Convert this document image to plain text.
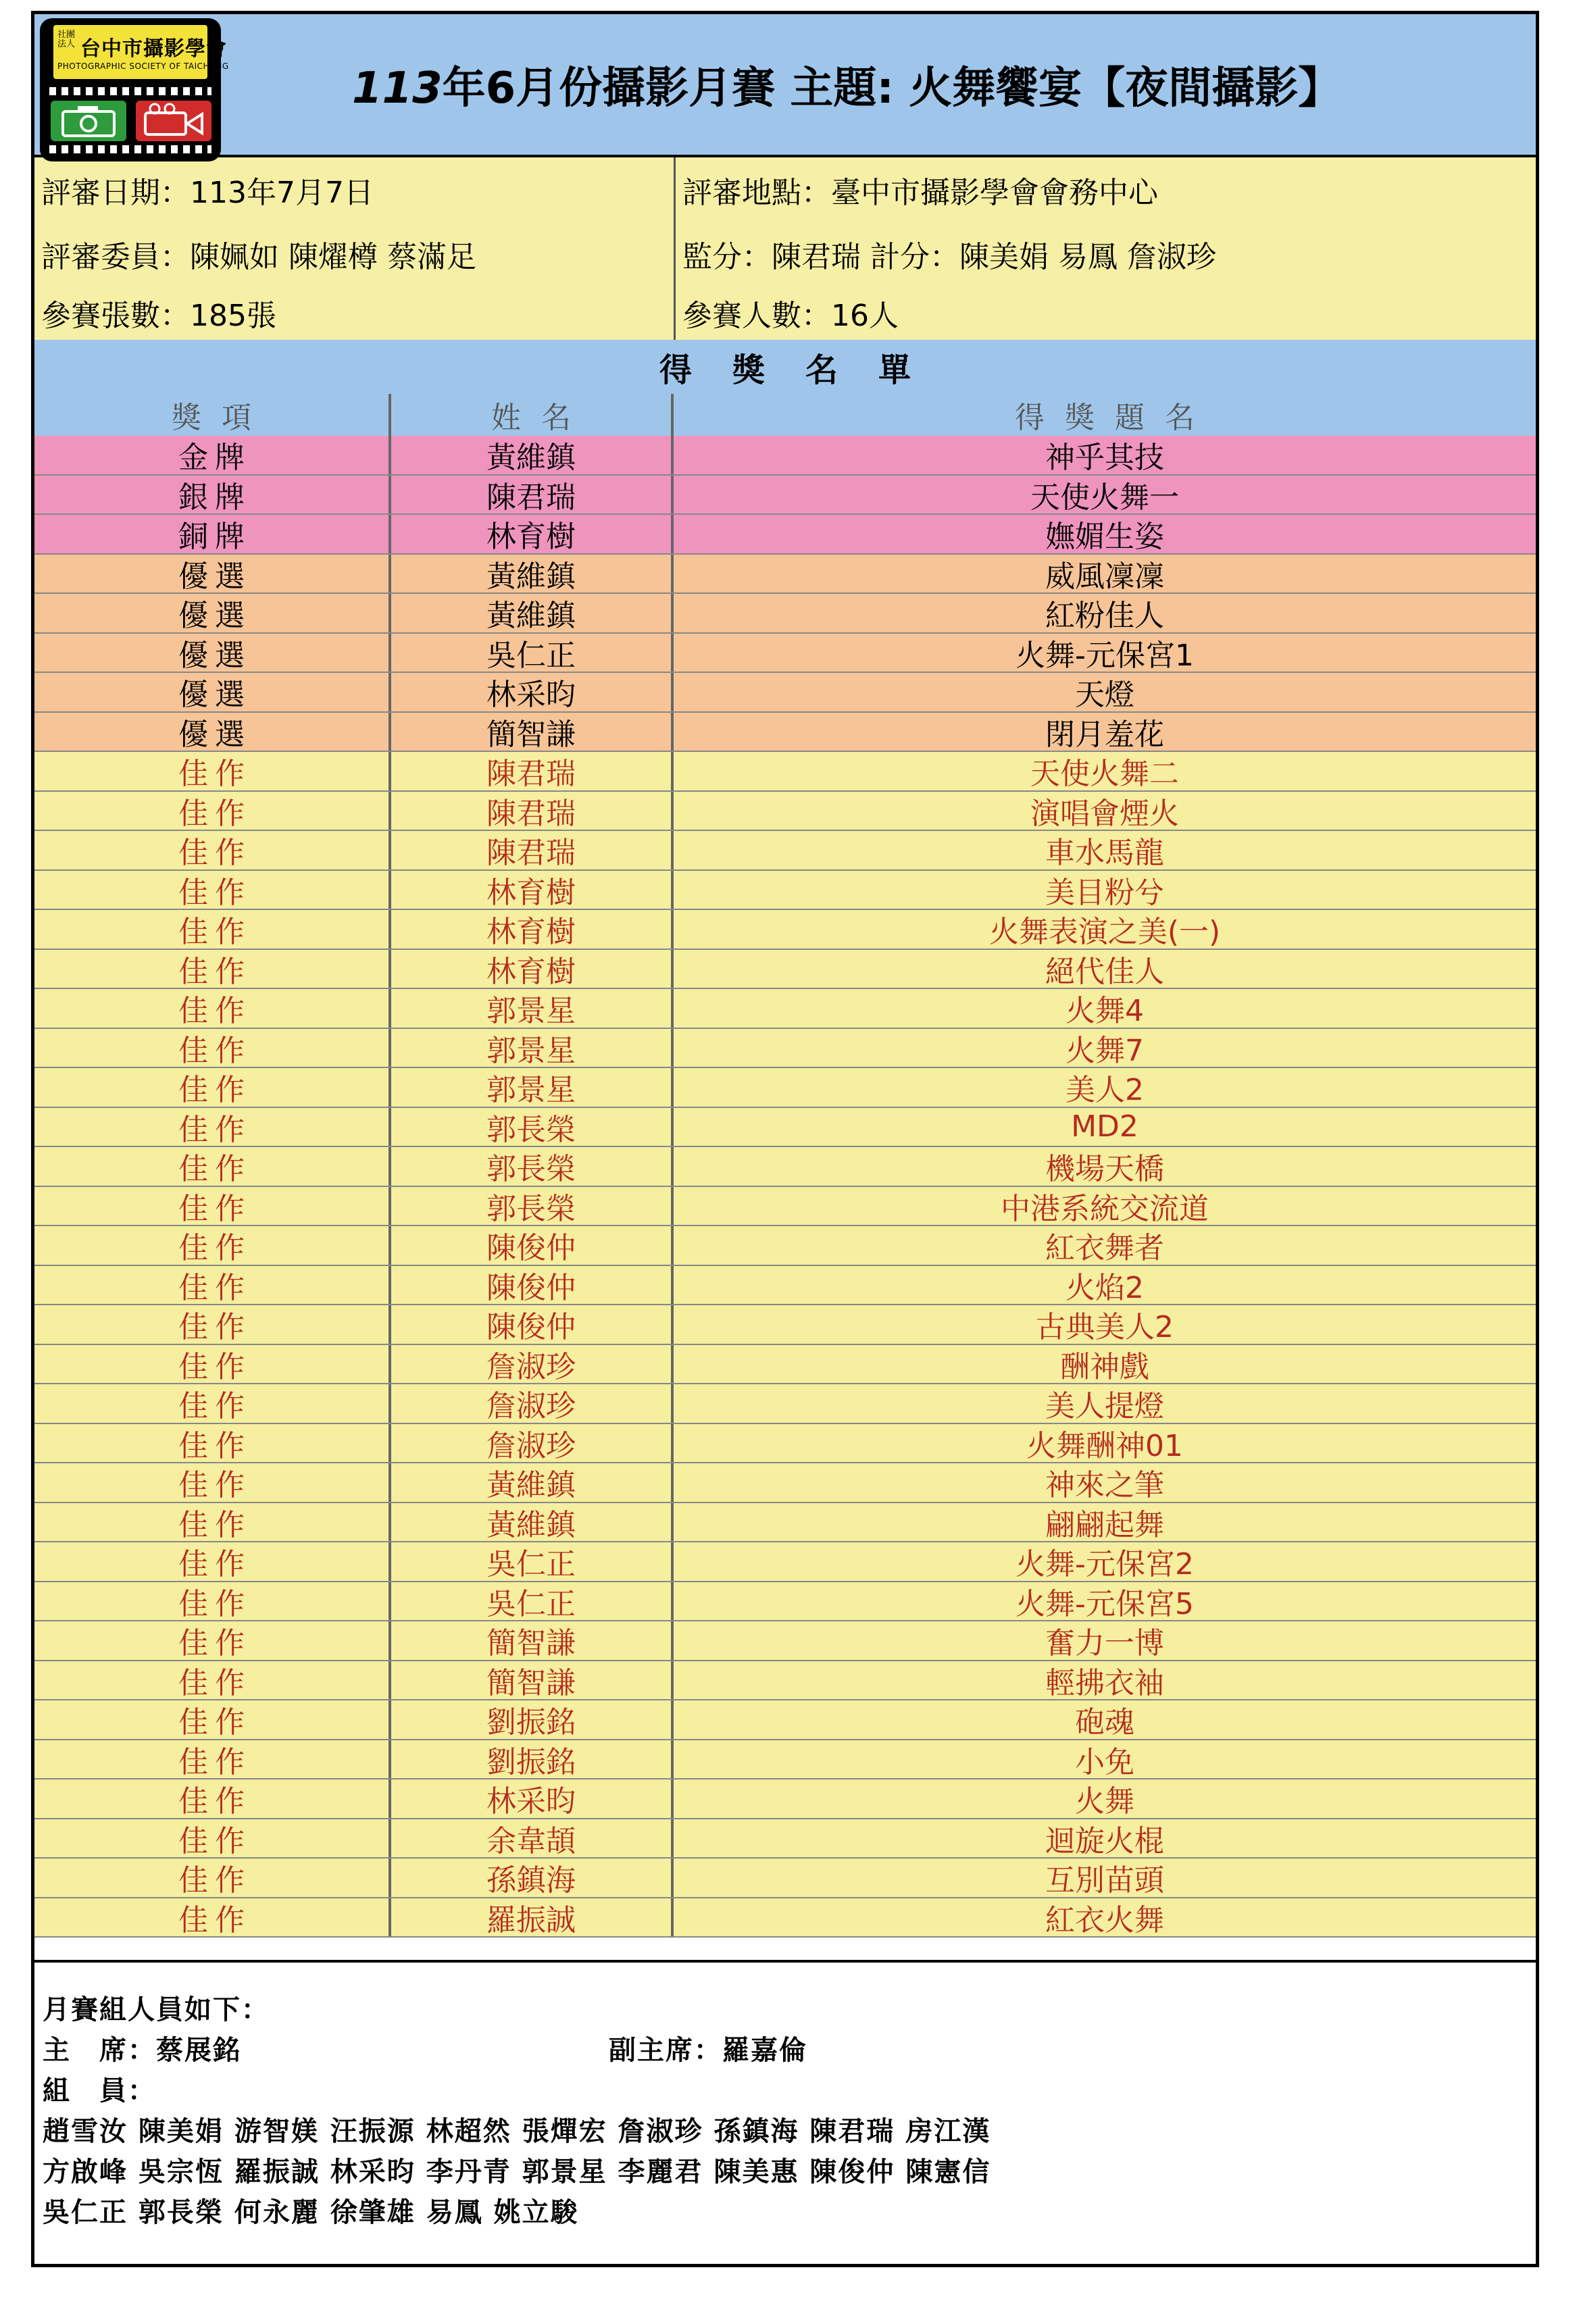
113年6月份攝影月賽 主題: 火舞饗宴【夜間攝影】
社團法人 台中市攝影學會
PHOTOGRAPHIC SOCIETY OF TAICHUNG
評審日期：113年7月7日	評審地點：臺中市攝影學會會務中心
評審委員：陳姵如 陳燿樽 蔡滿足	監分：陳君瑞 計分：陳美娟 易鳳 詹淑珍
參賽張數：185張	參賽人數：16人
得獎名單
獎項	姓名	得獎題名
金牌	黃維鎮	神乎其技
銀牌	陳君瑞	天使火舞一
銅牌	林育樹	嫵媚生姿
優選	黃維鎮	威風凜凜
優選	黃維鎮	紅粉佳人
優選	吳仁正	火舞-元保宮1
優選	林采昀	天燈
優選	簡智謙	閉月羞花
佳作	陳君瑞	天使火舞二
佳作	陳君瑞	演唱會煙火
佳作	陳君瑞	車水馬龍
佳作	林育樹	美目粉兮
佳作	林育樹	火舞表演之美(一)
佳作	林育樹	絕代佳人
佳作	郭景星	火舞4
佳作	郭景星	火舞7
佳作	郭景星	美人2
佳作	郭長榮	MD2
佳作	郭長榮	機場天橋
佳作	郭長榮	中港系統交流道
佳作	陳俊仲	紅衣舞者
佳作	陳俊仲	火焰2
佳作	陳俊仲	古典美人2
佳作	詹淑珍	酬神戲
佳作	詹淑珍	美人提燈
佳作	詹淑珍	火舞酬神01
佳作	黃維鎮	神來之筆
佳作	黃維鎮	翩翩起舞
佳作	吳仁正	火舞-元保宮2
佳作	吳仁正	火舞-元保宮5
佳作	簡智謙	奮力一博
佳作	簡智謙	輕拂衣袖
佳作	劉振銘	砲魂
佳作	劉振銘	小免
佳作	林采昀	火舞
佳作	余韋頡	迴旋火棍
佳作	孫鎮海	互別苗頭
佳作	羅振誠	紅衣火舞
月賽組人員如下：
主　席：蔡展銘	副主席：羅嘉倫
組　員：
趙雪汝 陳美娟 游智媄 汪振源 林超然 張燀宏 詹淑珍 孫鎮海 陳君瑞 房江漢
方啟峰 吳宗恆 羅振誠 林采昀 李丹青 郭景星 李麗君 陳美惠 陳俊仲 陳憲信
吳仁正 郭長榮 何永麗 徐肇雄 易鳳 姚立駿
